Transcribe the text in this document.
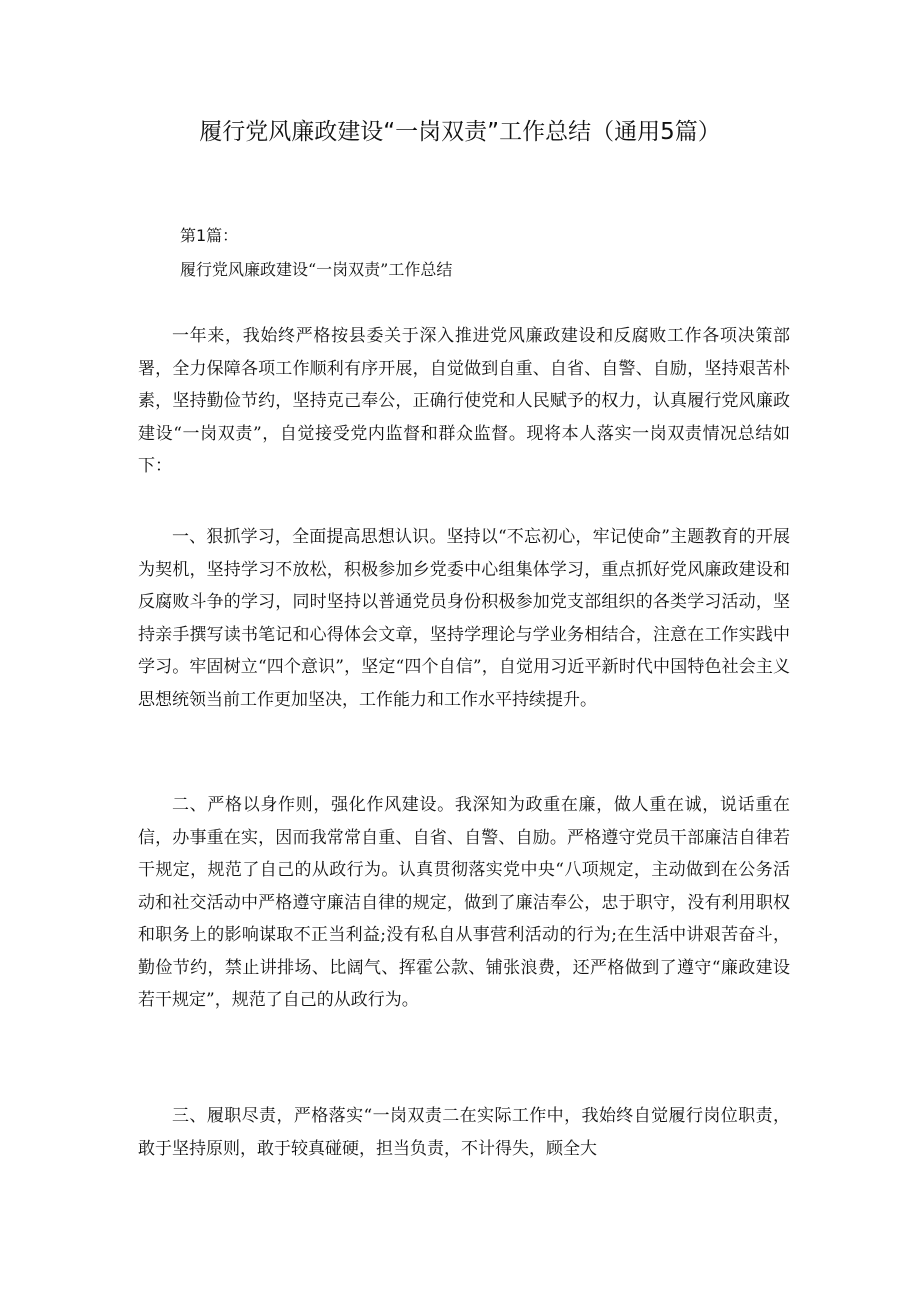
履行党风廉政建设“一岗双责”工作总结（通用5篇）
第1篇：
履行党风廉政建设“一岗双责”工作总结

一年来，我始终严格按县委关于深入推进党风廉政建设和反腐败工作各项决策部署，全力保障各项工作顺利有序开展，自觉做到自重、自省、自警、自励，坚持艰苦朴素，坚持勤俭节约，坚持克己奉公，正确行使党和人民赋予的权力，认真履行党风廉政建设“一岗双责”，自觉接受党内监督和群众监督。现将本人落实一岗双责情况总结如下：

一、狠抓学习，全面提高思想认识。坚持以“不忘初心，牢记使命”主题教育的开展为契机，坚持学习不放松，积极参加乡党委中心组集体学习，重点抓好党风廉政建设和反腐败斗争的学习，同时坚持以普通党员身份积极参加党支部组织的各类学习活动，坚持亲手撰写读书笔记和心得体会文章，坚持学理论与学业务相结合，注意在工作实践中学习。牢固树立“四个意识”，坚定“四个自信”，自觉用习近平新时代中国特色社会主义思想统领当前工作更加坚决，工作能力和工作水平持续提升。

二、严格以身作则，强化作风建设。我深知为政重在廉，做人重在诚，说话重在信，办事重在实，因而我常常自重、自省、自警、自励。严格遵守党员干部廉洁自律若干规定，规范了自己的从政行为。认真贯彻落实党中央“八项规定，主动做到在公务活动和社交活动中严格遵守廉洁自律的规定，做到了廉洁奉公，忠于职守，没有利用职权和职务上的影响谋取不正当利益;没有私自从事营利活动的行为;在生活中讲艰苦奋斗，勤俭节约，禁止讲排场、比阔气、挥霍公款、铺张浪费，还严格做到了遵守“廉政建设若干规定”，规范了自己的从政行为。

三、履职尽责，严格落实“一岗双责二在实际工作中，我始终自觉履行岗位职责，敢于坚持原则，敢于较真碰硬，担当负责，不计得失，顾全大
